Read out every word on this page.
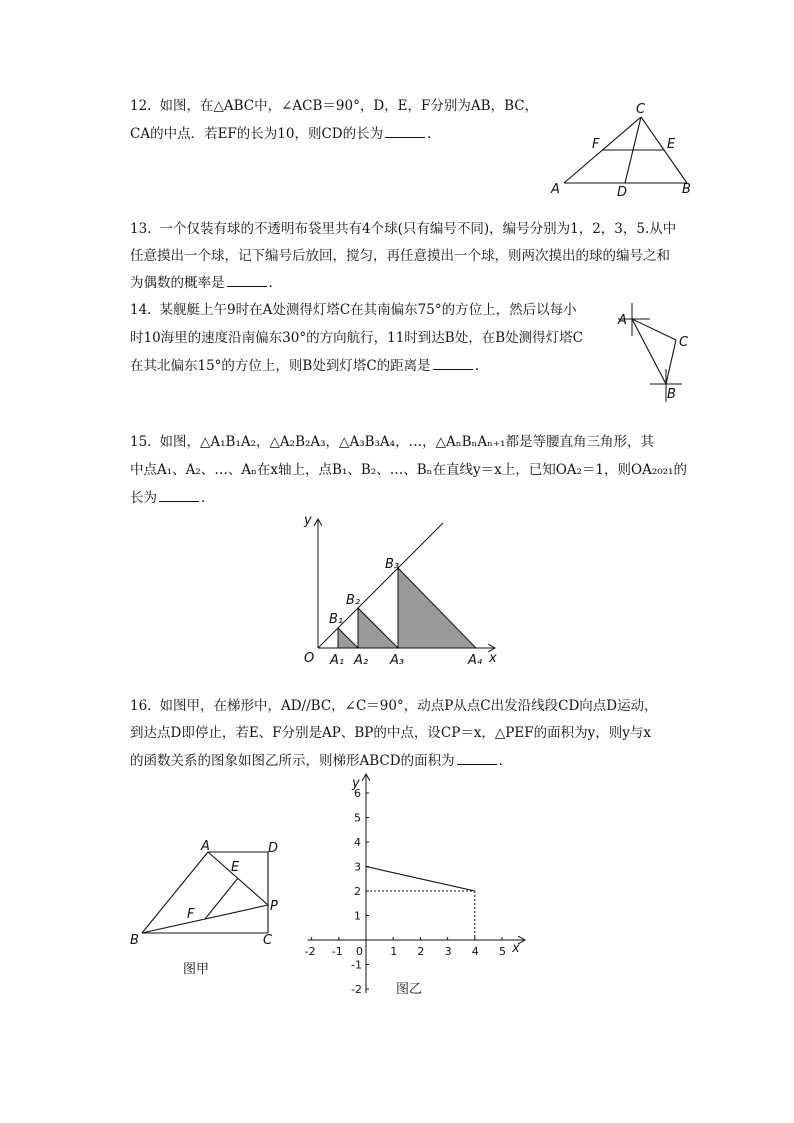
12. 如图，在△ABC中，∠ACB＝90°，D，E，F分别为AB，BC，
CA的中点．若EF的长为10，则CD的长为	.
C
F	E
A	D	B
13. 一个仅装有球的不透明布袋里共有4个球(只有编号不同)，编号分别为1，2，3，5.从中
任意摸出一个球，记下编号后放回，搅匀，再任意摸出一个球，则两次摸出的球的编号之和
为偶数的概率是	.
14. 某舰艇上午9时在A处测得灯塔C在其南偏东75°的方位上，然后以每小
时10海里的速度沿南偏东30°的方向航行，11时到达B处，在B处测得灯塔C
在其北偏东15°的方位上，则B处到灯塔C的距离是	.
A
C
B
15. 如图，△A₁B₁A₂，△A₂B₂A₃，△A₃B₃A₄，…，△AₙBₙAₙ₊₁都是等腰直角三角形，其
中点A₁、A₂、…、Aₙ在x轴上，点B₁、B₂、…、Bₙ在直线y＝x上，已知OA₂＝1，则OA₂₀₂₁的
长为	.
y
x
O
B₁
B₂
B₃
A₁ A₂ A₃	A₄
16. 如图甲，在梯形中，AD//BC，∠C＝90°，动点P从点C出发沿线段CD向点D运动，
到达点D即停止，若E、F分别是AP、BP的中点，设CP＝x，△PEF的面积为y，则y与x
的函数关系的图象如图乙所示，则梯形ABCD的面积为	.
A	D
E
F
P
B	C
图甲
-2 -1	1 2 3 4 5
6
5
4
3
2
1
-1
-2
y
x
0
图乙
